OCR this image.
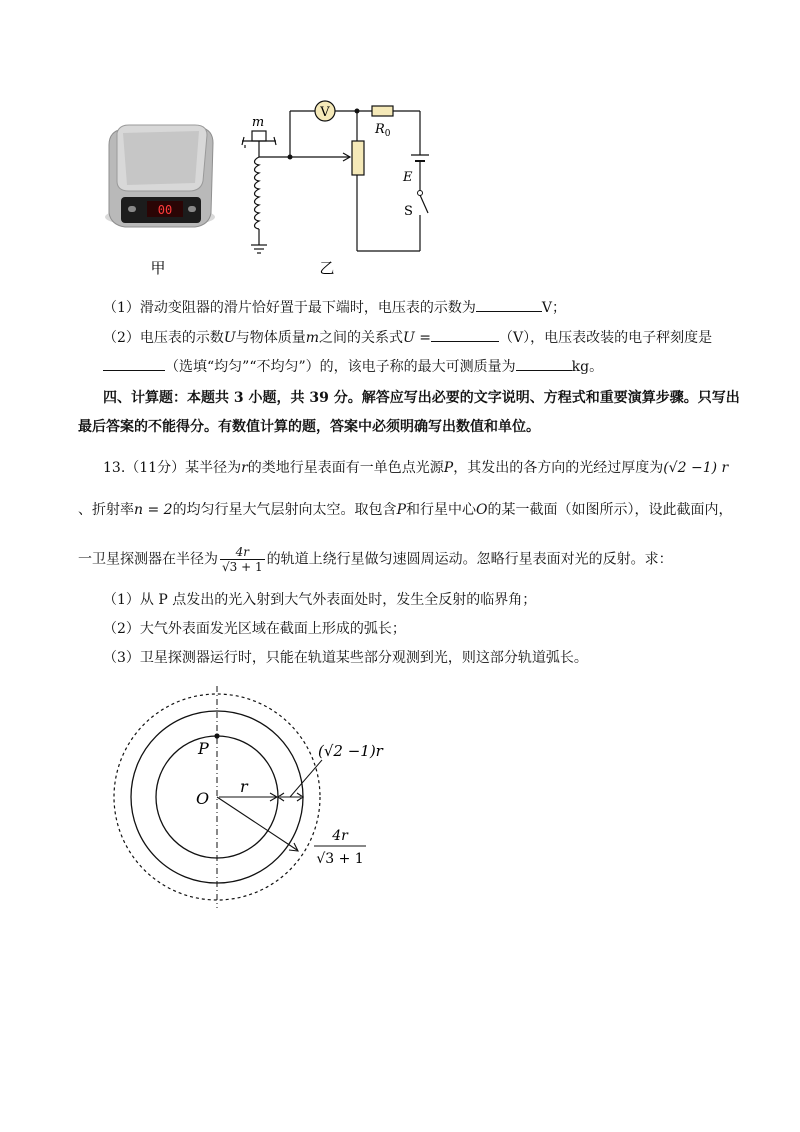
00
甲
V
m	$R_0$
E
S
乙
（1）滑动变阻器的滑片恰好置于最下端时，电压表的示数为	V；
（2）电压表的示数U与物体质量m之间的关系式U =	（V），电压表改装的电子秤刻度是
（选填“均匀”“不均匀”）的，该电子称的最大可测质量为	kg。
四、计算题：本题共 3 小题，共 39 分。解答应写出必要的文字说明、方程式和重要演算步骤。只写出
最后答案的不能得分。有数值计算的题，答案中必须明确写出数值和单位。
13.（11分）某半径为r的类地行星表面有一单色点光源P，其发出的各方向的光经过厚度为(√2 −1) r
、折射率n = 2的均匀行星大气层射向太空。取包含P和行星中心O的某一截面（如图所示），设此截面内，
一卫星探测器在半径为 $\frac{4r}{√3 + 1}$ 的轨道上绕行星做匀速圆周运动。忽略行星表面对光的反射。求：
（1）从 P 点发出的光入射到大气外表面处时，发生全反射的临界角；
（2）大气外表面发光区域在截面上形成的弧长；
（3）卫星探测器运行时，只能在轨道某些部分观测到光，则这部分轨道弧长。
P
O
r
(√2 −1)r
4r
√3 + 1
